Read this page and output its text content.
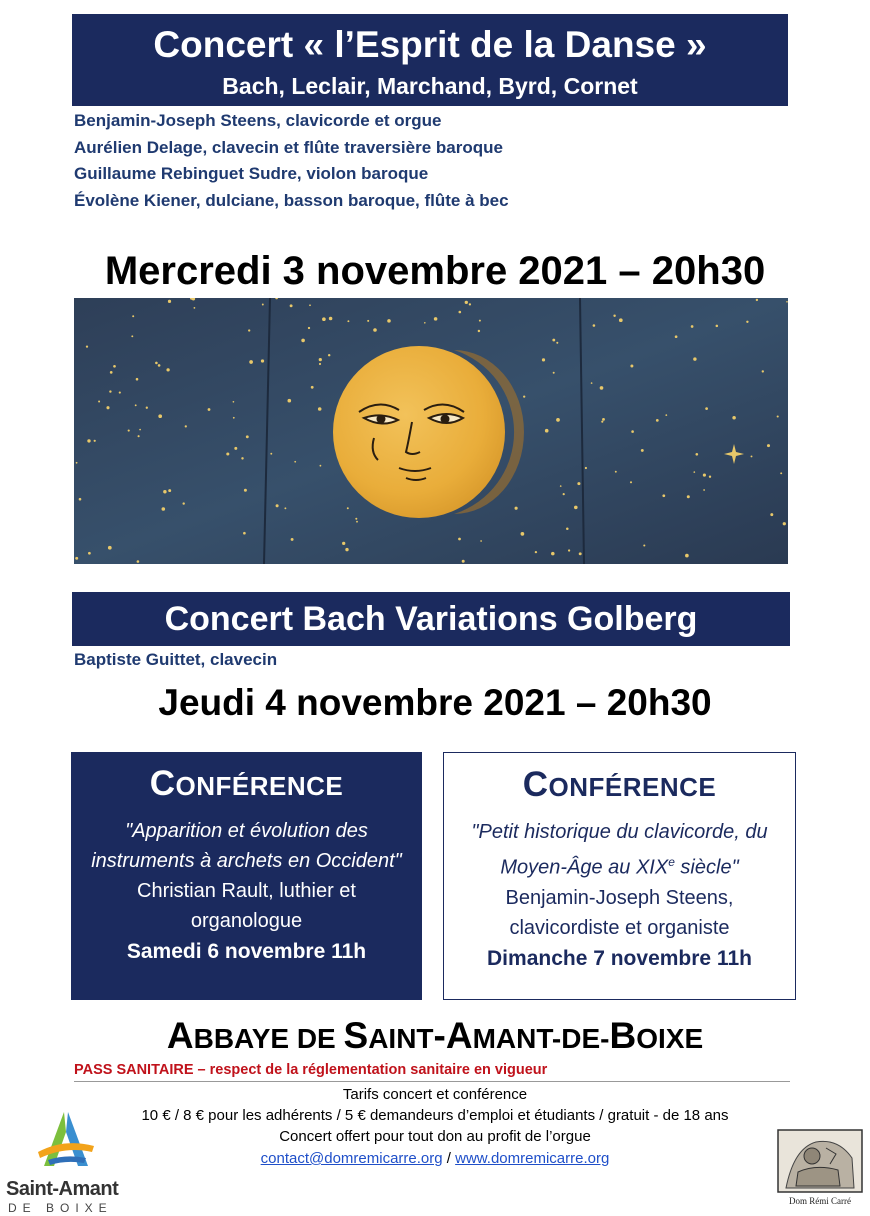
Concert « l’Esprit de la Danse »
Bach, Leclair, Marchand, Byrd, Cornet
Benjamin-Joseph Steens, clavicorde et orgue
Aurélien Delage, clavecin et flûte traversière baroque
Guillaume Rebinguet Sudre, violon baroque
Évolène Kiener, dulciane, basson baroque, flûte à bec
Mercredi 3 novembre 2021 – 20h30
Concert Bach Variations Golberg
Baptiste Guittet, clavecin
Jeudi 4 novembre 2021 – 20h30
CONFÉRENCE
"Apparition et évolution des instruments à archets en Occident"
Christian Rault, luthier et organologue
Samedi 6 novembre 11h
CONFÉRENCE
"Petit historique du clavicorde, du Moyen-Âge au XIXe siècle"
Benjamin-Joseph Steens, clavicordiste et organiste
Dimanche 7 novembre 11h
ABBAYE DE SAINT-AMANT-DE-BOIXE
PASS SANITAIRE – respect de la réglementation sanitaire en vigueur
Tarifs concert et conférence
10 € / 8 € pour les adhérents / 5 € demandeurs d’emploi et étudiants / gratuit - de 18 ans
Concert offert pour tout don au profit de l’orgue
contact@domremicarre.org / www.domremicarre.org
Saint-Amant
DE BOIXE	Dom Rémi Carré
